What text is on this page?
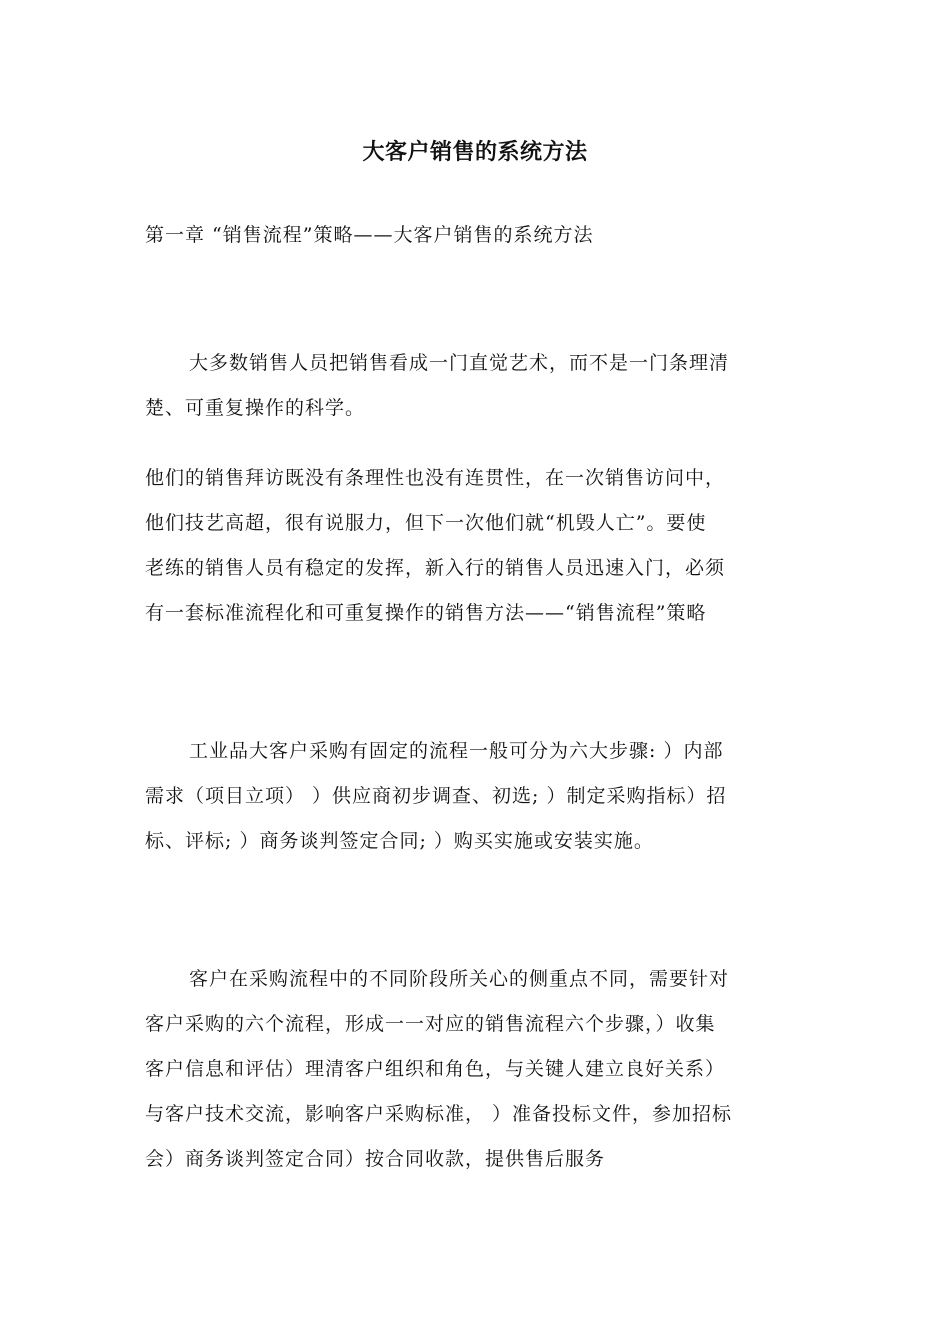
大客户销售的系统方法
第一章 “销售流程”策略——大客户销售的系统方法

大多数销售人员把销售看成一门直觉艺术，而不是一门条理清
楚、可重复操作的科学。

他们的销售拜访既没有条理性也没有连贯性，在一次销售访问中，
他们技艺高超，很有说服力，但下一次他们就“机毁人亡”。要使
老练的销售人员有稳定的发挥，新入行的销售人员迅速入门，必须
有一套标准流程化和可重复操作的销售方法——“销售流程”策略

工业品大客户采购有固定的流程一般可分为六大步骤: ）内部
需求（项目立项） ）供应商初步调查、初选; ）制定采购指标）招
标、评标; ）商务谈判签定合同; ）购买实施或安装实施。

客户在采购流程中的不同阶段所关心的侧重点不同，需要针对
客户采购的六个流程，形成一一对应的销售流程六个步骤，）收集
客户信息和评估）理清客户组织和角色，与关键人建立良好关系）
与客户技术交流，影响客户采购标准， ）准备投标文件，参加招标
会）商务谈判签定合同）按合同收款，提供售后服务
